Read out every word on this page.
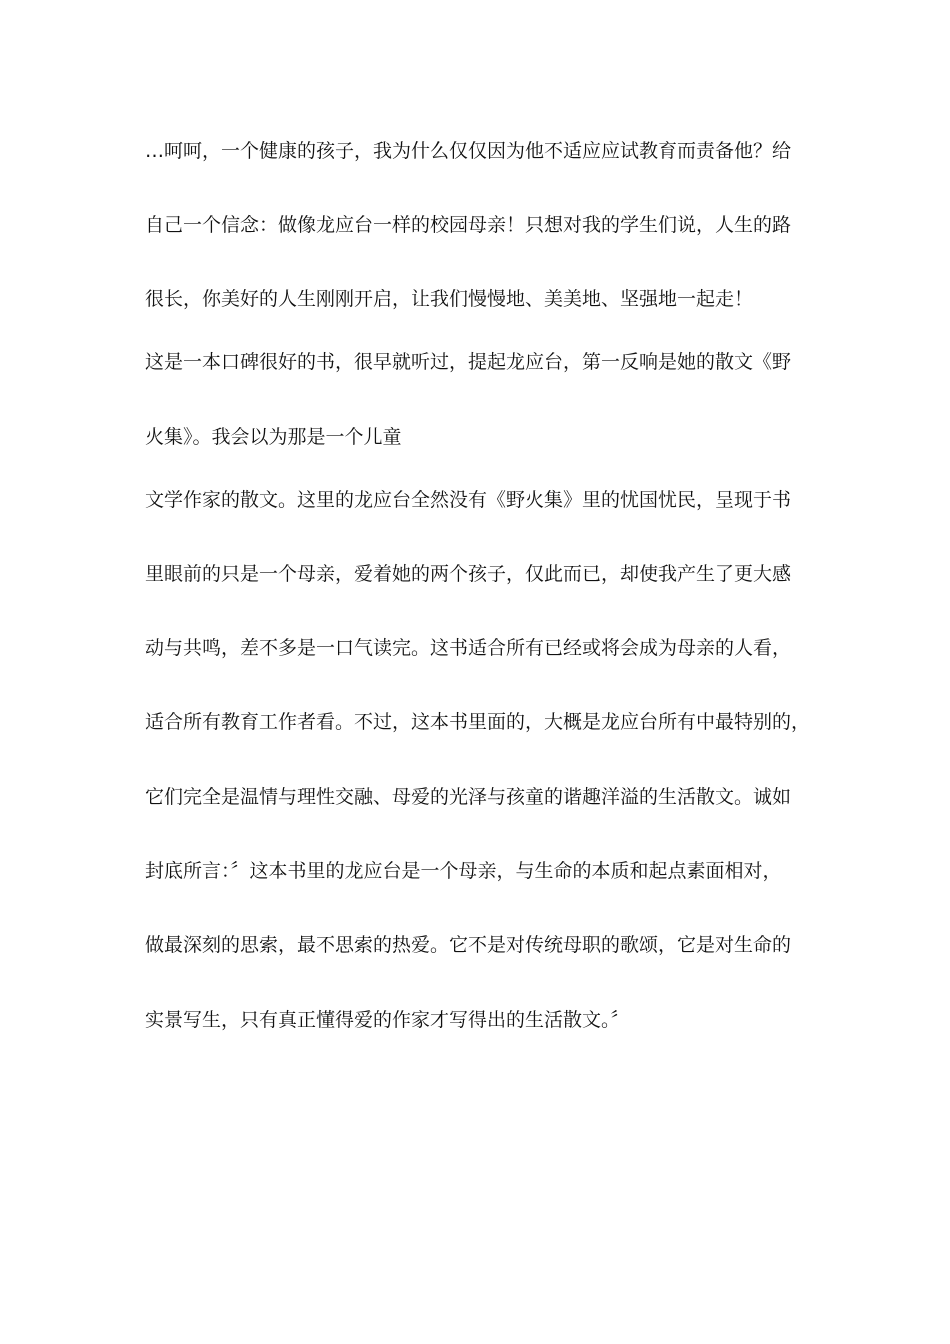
…呵呵，一个健康的孩子，我为什么仅仅因为他不适应应试教育而责备他？给
自己一个信念：做像龙应台一样的校园母亲！只想对我的学生们说，人生的路
很长，你美好的人生刚刚开启，让我们慢慢地、美美地、坚强地一起走！
这是一本口碑很好的书，很早就听过，提起龙应台，第一反响是她的散文《野
火集》。我会以为那是一个儿童
文学作家的散文。这里的龙应台全然没有《野火集》里的忧国忧民，呈现于书
里眼前的只是一个母亲，爱着她的两个孩子，仅此而已，却使我产生了更大感
动与共鸣，差不多是一口气读完。这书适合所有已经或将会成为母亲的人看，
适合所有教育工作者看。不过，这本书里面的，大概是龙应台所有中最特别的，
它们完全是温情与理性交融、母爱的光泽与孩童的谐趣洋溢的生活散文。诚如
封底所言：〞这本书里的龙应台是一个母亲，与生命的本质和起点素面相对，
做最深刻的思索，最不思索的热爱。它不是对传统母职的歌颂，它是对生命的
实景写生，只有真正懂得爱的作家才写得出的生活散文。〞
